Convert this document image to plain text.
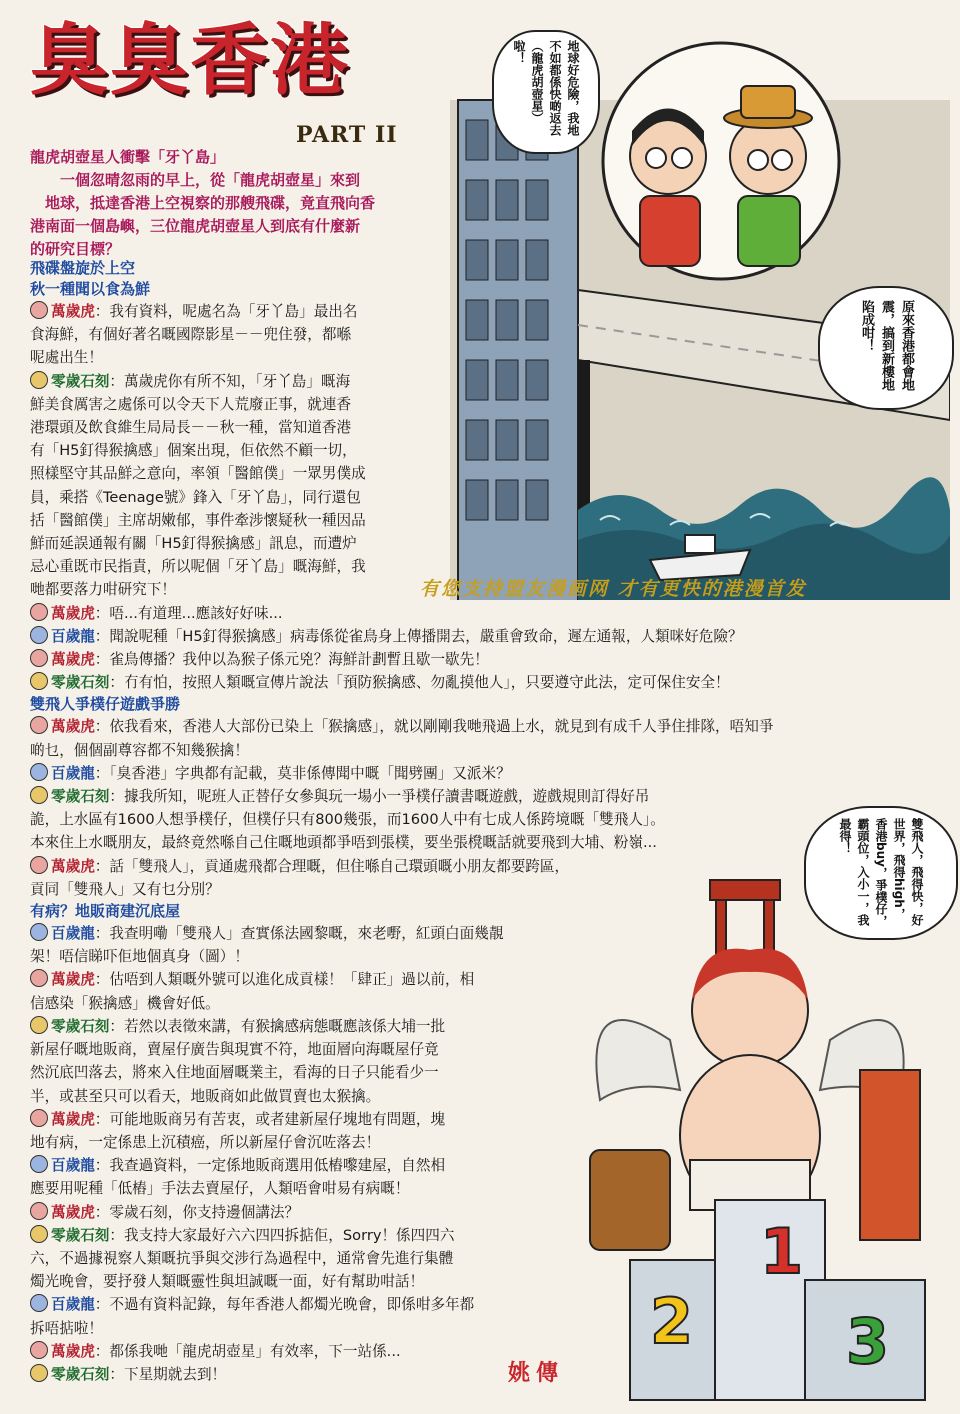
2
1
3
地球好危險，我地不如都係快啲返去（龍虎胡壺星）啦！
原來香港都會地震，搞到新樓地陷成咁！
雙飛人，飛得快，好世界，飛得high，香港buy，爭樸仔，霸頭位，入小一，我最得！
臭臭香港
PART II

龍虎胡壺星人衝擊「牙丫島」

　　一個忽晴忽雨的早上，從「龍虎胡壺星」來到

　地球，抵達香港上空視察的那艘飛碟，竟直飛向香

港南面一個島嶼，三位龍虎胡壺星人到底有什麼新

的研究目標？

飛碟盤旋於上空

秋一種聞以食為鮮

萬歲虎：我有資料，呢處名為「牙丫島」最出名

食海鮮，有個好著名嘅國際影星－－兜住發，都喺

呢處出生！

零歲石刻：萬歲虎你有所不知，「牙丫島」嘅海

鮮美食厲害之處係可以令天下人荒廢正事，就連香

港環頭及飲食維生局局長－－秋一種，當知道香港

有「H5釘得猴擒感」個案出現，佢依然不顧一切，

照樣堅守其品鮮之意向，率領「醫館僕」一眾男僕成

員，乘搭《Teenage號》鋒入「牙丫島」，同行還包

括「醫館僕」主席胡嫩郁，事件牽涉懷疑秋一種因品

鮮而延誤通報有關「H5釘得猴擒感」訊息，而遭炉

忌心重既市民指責，所以呢個「牙丫島」嘅海鮮，我

哋都要落力咁研究下！

萬歲虎：唔...有道理...應該好好味...

百歲龍：聞說呢種「H5釘得猴擒感」病毒係從雀鳥身上傳播開去，嚴重會致命，遲左通報，人類咪好危險？

萬歲虎：雀鳥傳播？我仲以為猴子係元兇？海鮮計劃暫且歇一歇先！

零歲石刻：冇有怕，按照人類嘅宣傳片說法「預防猴擒感、勿亂摸他人」，只要遵守此法，定可保住安全！

雙飛人爭樸仔遊戲爭勝

萬歲虎：依我看來，香港人大部份已染上「猴擒感」，就以剛剛我哋飛過上水，就見到有成千人爭住排隊，唔知爭

啲乜，個個副尊容都不知幾猴擒！

百歲龍：「臭香港」字典都有記載，莫非係傳聞中嘅「聞劈團」又派米？

零歲石刻：據我所知，呢班人正替仔女參與玩一場小一爭樸仔讀書嘅遊戲，遊戲規則訂得好吊

詭，上水區有1600人想爭樸仔，但樸仔只有800幾張，而1600人中有七成人係跨境嘅「雙飛人」。

本來住上水嘅朋友，最終竟然喺自己住嘅地頭都爭唔到張樸，要坐張櫈嘅話就要飛到大埔、粉嶺...

萬歲虎：話「雙飛人」，貢通處飛都合理嘅，但住喺自己環頭嘅小朋友都要跨區，

貢同「雙飛人」又有乜分別？

有病？地販商建沉底屋

百歲龍：我查明嘞「雙飛人」查實係法國黎嘅，來老嘢，紅頭白面幾靚

架！唔信睇吓佢地個真身（圖）！

萬歲虎：估唔到人類嘅外號可以進化成貢樣！「肆正」過以前，相

信感染「猴擒感」機會好低。

零歲石刻：若然以表徵來講，有猴擒感病態嘅應該係大埔一批

新屋仔嘅地販商，賣屋仔廣告與現實不符，地面層向海嘅屋仔竟

然沉底凹落去，將來入住地面層嘅業主，看海的日子只能看少一

半，或甚至只可以看天，地販商如此做買賣也太猴擒。

萬歲虎：可能地販商另有苦衷，或者建新屋仔塊地有問題，塊

地有病，一定係患上沉積癌，所以新屋仔會沉咗落去！

百歲龍：我查過資料，一定係地販商選用低樁嚟建屋，自然相

應要用呢種「低樁」手法去賣屋仔，人類唔會咁易有病嘅！

萬歲虎：零歲石刻，你支持邊個講法？

零歲石刻：我支持大家最好六六四四拆掂佢，Sorry！係四四六

六，不過據視察人類嘅抗爭與交涉行為過程中，通常會先進行集體

燭光晚會，要抒發人類嘅靈性與坦誠嘅一面，好有幫助咁話！

百歲龍：不過有資料記錄，每年香港人都燭光晚會，即係咁多年都

拆唔掂啦！

萬歲虎：都係我哋「龍虎胡壺星」有效率，下一站係...

零歲石刻：下星期就去到！

有您支持盟友漫画网 才有更快的港漫首发
姚傳
